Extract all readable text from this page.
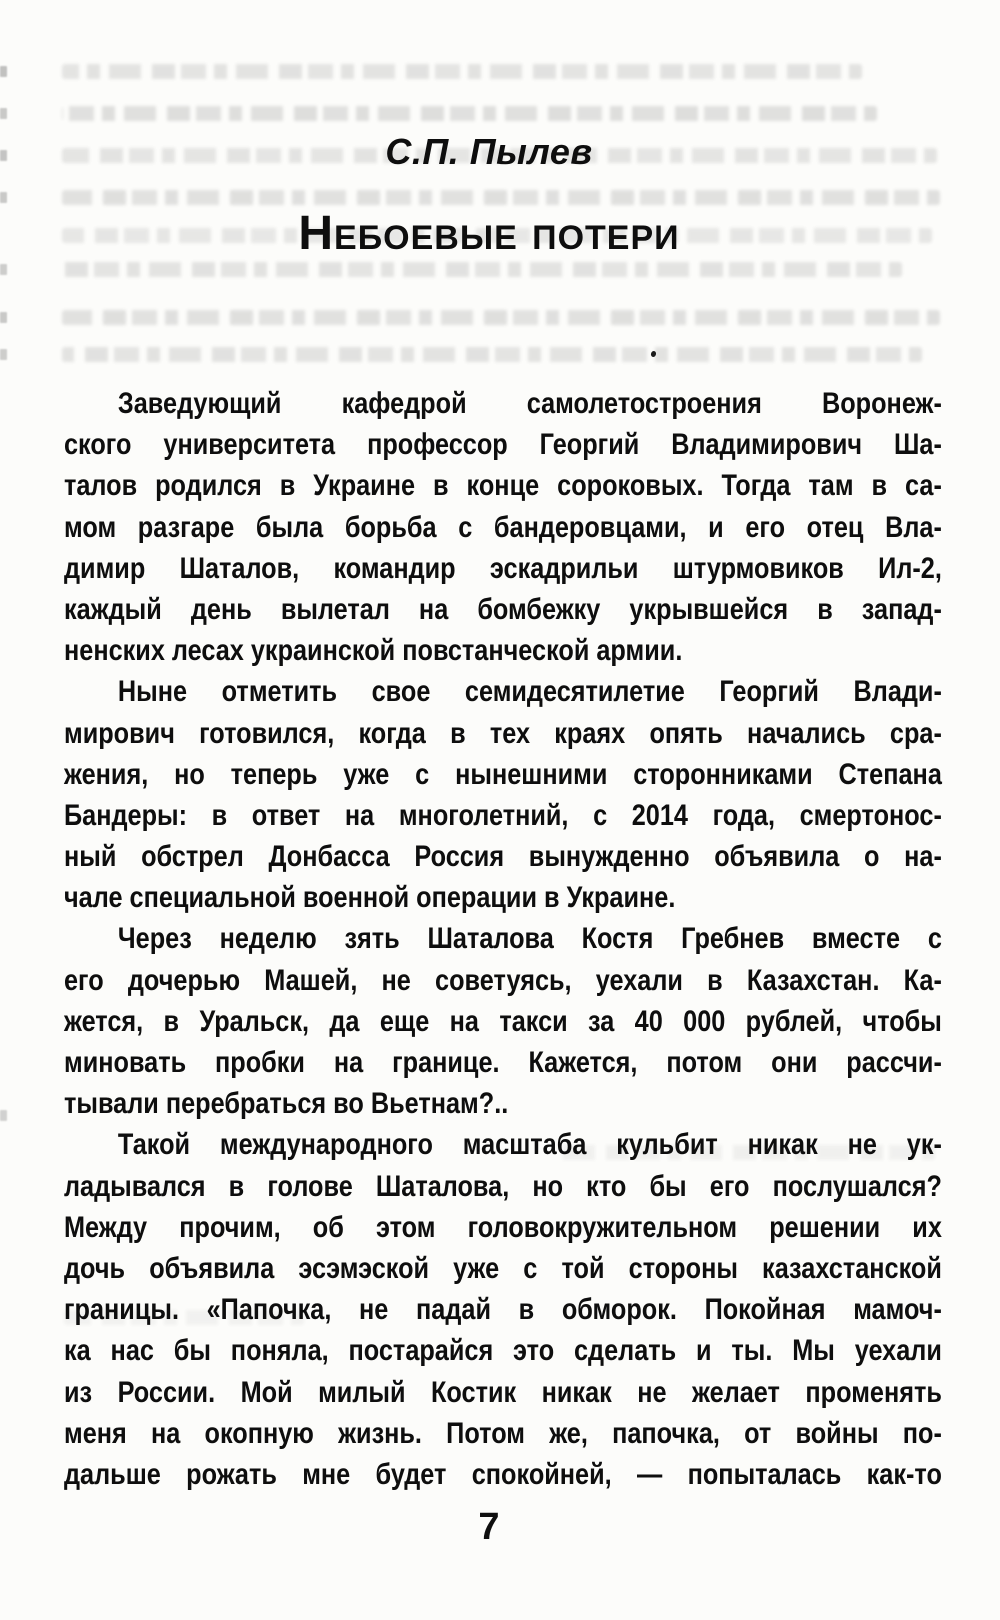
С.П. Пылев
Небоевые потери
Заведующий кафедрой самолетостроения Воронеж-
ского университета профессор Георгий Владимирович Ша-
талов родился в Украине в конце сороковых. Тогда там в са-
мом разгаре была борьба с бандеровцами, и его отец Вла-
димир Шаталов, командир эскадрильи штурмовиков Ил-2,
каждый день вылетал на бомбежку укрывшейся в запад-
ненских лесах украинской повстанческой армии.
Ныне отметить свое семидесятилетие Георгий Влади-
мирович готовился, когда в тех краях опять начались сра-
жения, но теперь уже с нынешними сторонниками Степана
Бандеры: в ответ на многолетний, с 2014 года, смертонос-
ный обстрел Донбасса Россия вынужденно объявила о на-
чале специальной военной операции в Украине.
Через неделю зять Шаталова Костя Гребнев вместе с
его дочерью Машей, не советуясь, уехали в Казахстан. Ка-
жется, в Уральск, да еще на такси за 40 000 рублей, чтобы
миновать пробки на границе. Кажется, потом они рассчи-
тывали перебраться во Вьетнам?..
Такой международного масштаба кульбит никак не ук-
ладывался в голове Шаталова, но кто бы его послушался?
Между прочим, об этом головокружительном решении их
дочь объявила эсэмэской уже с той стороны казахстанской
границы. «Папочка, не падай в обморок. Покойная мамоч-
ка нас бы поняла, постарайся это сделать и ты. Мы уехали
из России. Мой милый Костик никак не желает променять
меня на окопную жизнь. Потом же, папочка, от войны по-
дальше рожать мне будет спокойней, — попыталась как-то
7
